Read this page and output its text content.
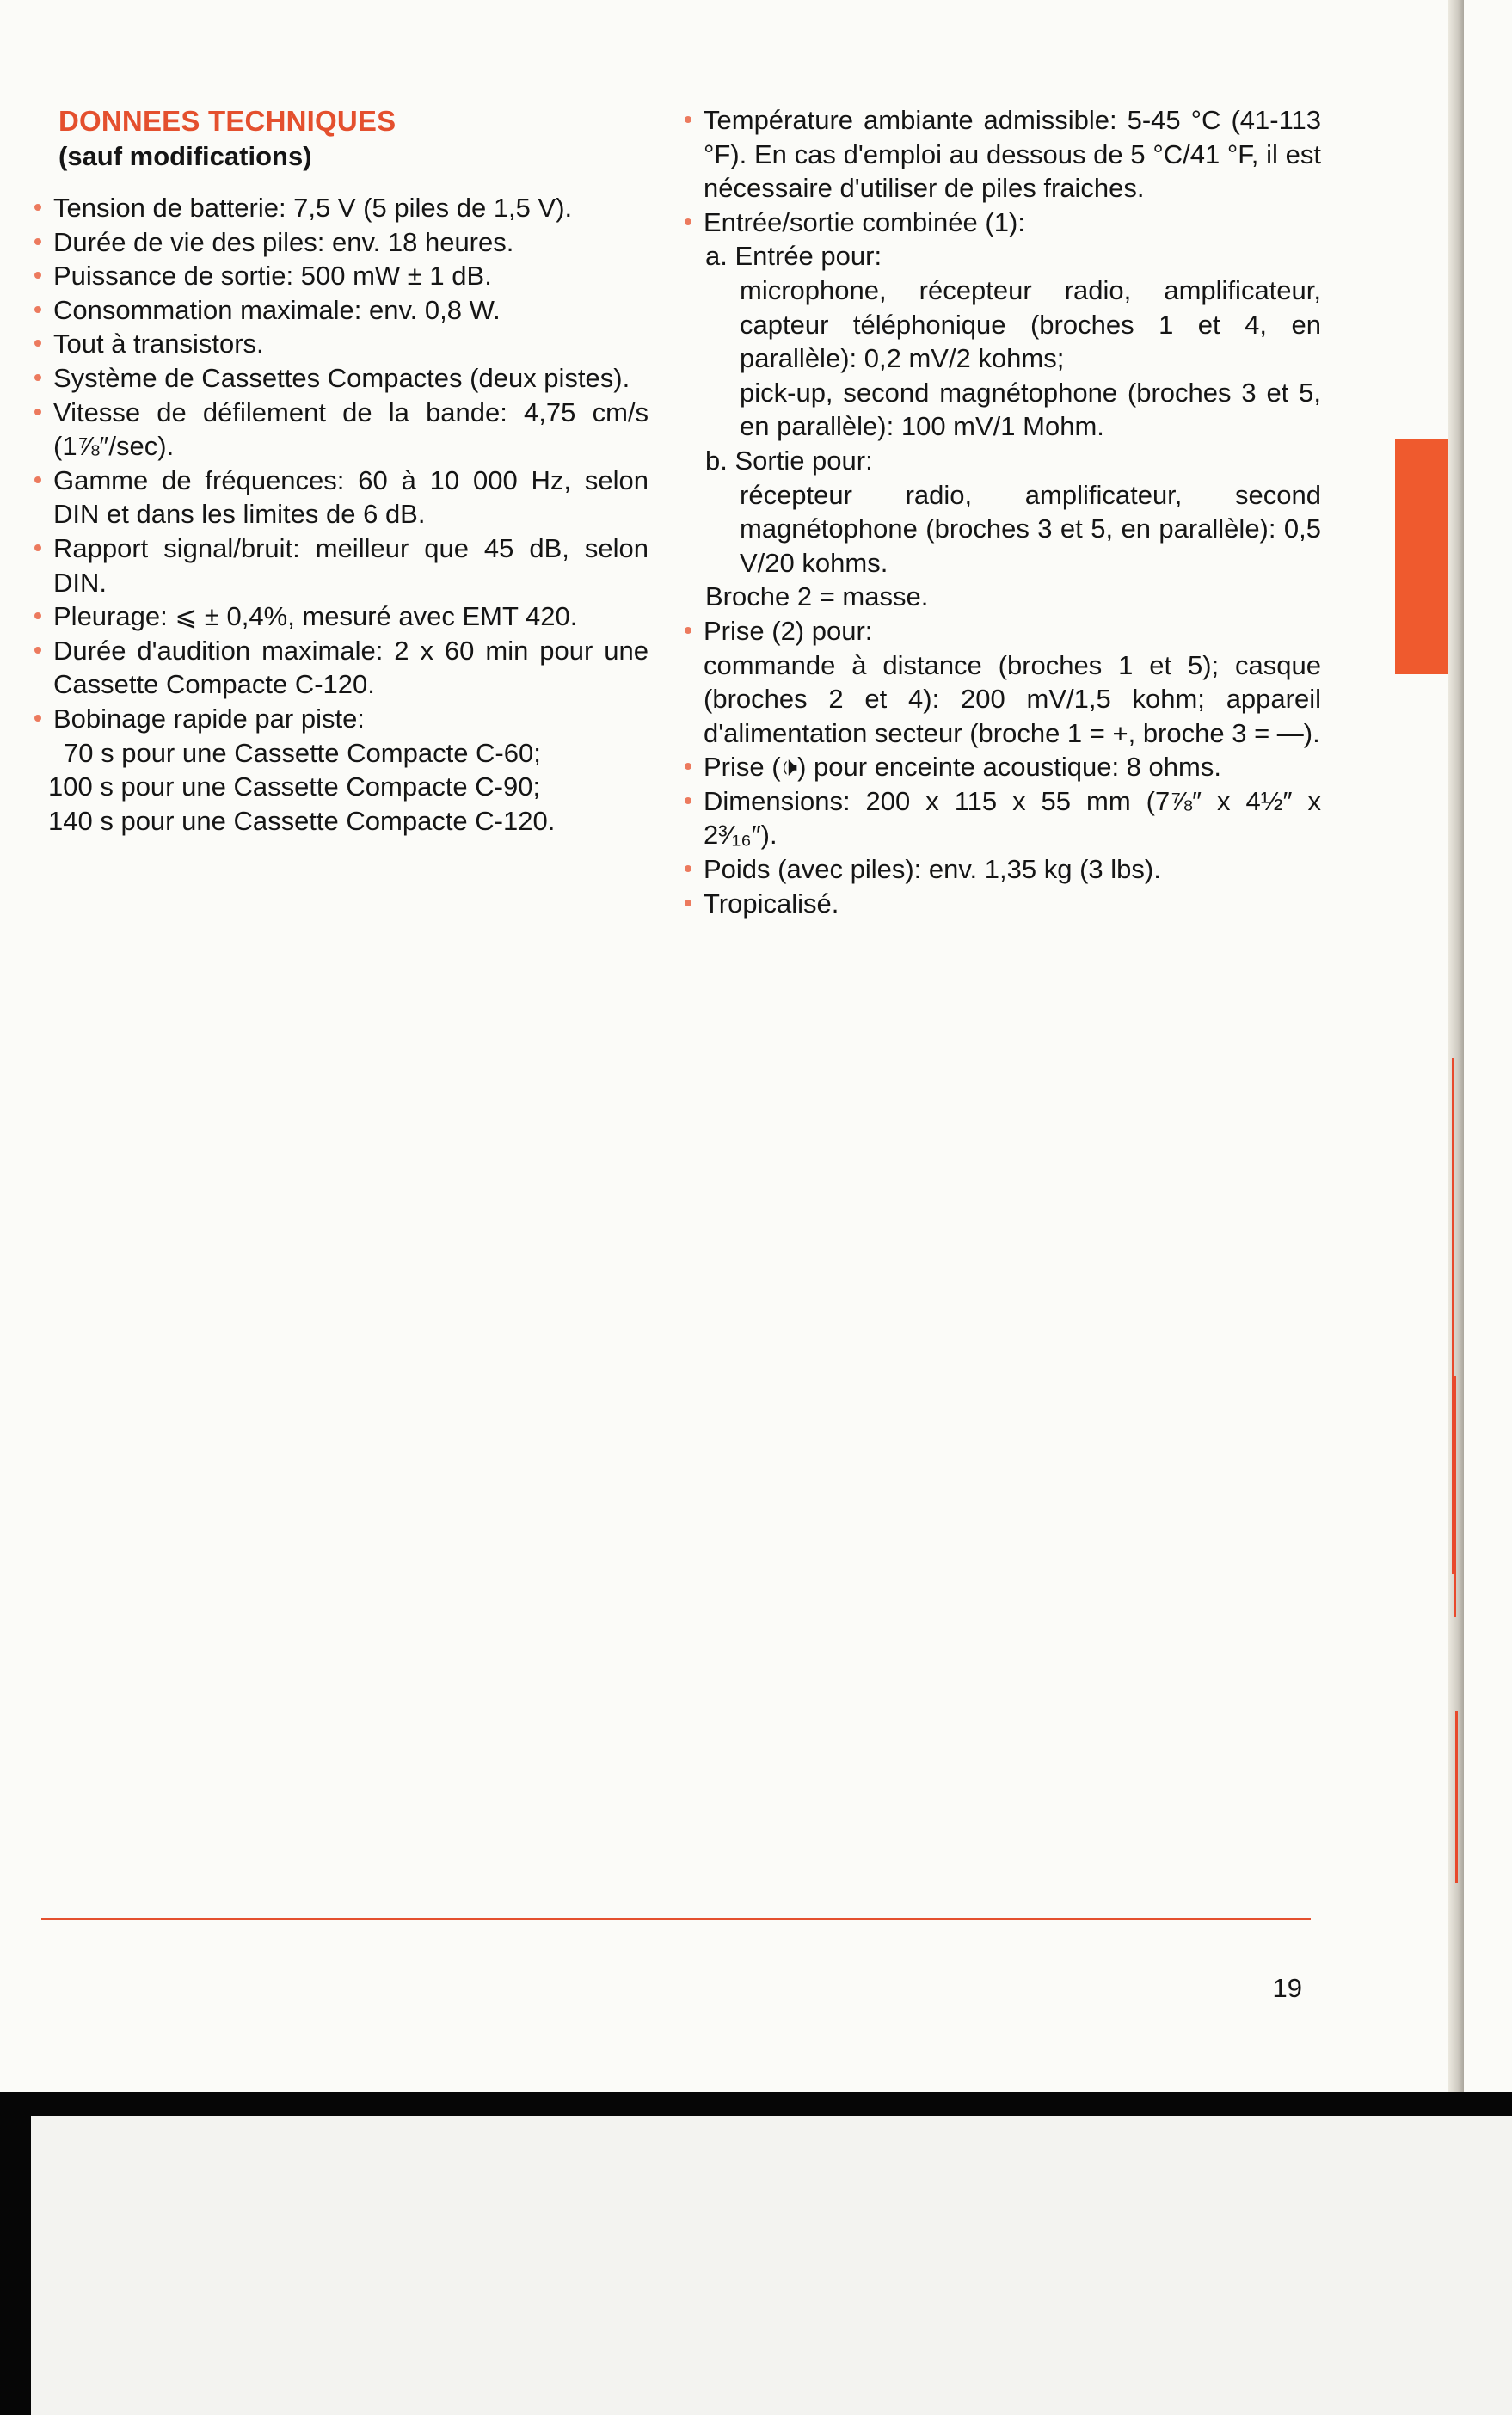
DONNEES TECHNIQUES
(sauf modifications)
Tension de batterie: 7,5 V (5 piles de 1,5 V).
Durée de vie des piles: env. 18 heures.
Puissance de sortie: 500 mW ± 1 dB.
Consommation maximale: env. 0,8 W.
Tout à transistors.
Système de Cassettes Compactes (deux pistes).
Vitesse de défilement de la bande: 4,75 cm/s (1⅞″/sec).
Gamme de fréquences: 60 à 10 000 Hz, selon DIN et dans les limites de 6 dB.
Rapport signal/bruit: meilleur que 45 dB, selon DIN.
Pleurage: ⩽ ± 0,4%, mesuré avec EMT 420.
Durée d'audition maximale: 2 x 60 min pour une Cassette Compacte C-120.
Bobinage rapide par piste:
70 s pour une Cassette Compacte C-60;
100 s pour une Cassette Compacte C-90;
140 s pour une Cassette Compacte C-120.
Température ambiante admissible: 5-45 °C (41-113 °F). En cas d'emploi au dessous de 5 °C/41 °F, il est nécessaire d'utiliser de piles fraiches.
Entrée/sortie combinée (1):
a. Entrée pour:
microphone, récepteur radio, amplificateur, capteur téléphonique (broches 1 et 4, en parallèle): 0,2 mV/2 kohms;
pick-up, second magnétophone (broches 3 et 5, en parallèle): 100 mV/1 Mohm.
b. Sortie pour:
récepteur radio, amplificateur, second magnétophone (broches 3 et 5, en parallèle): 0,5 V/20 kohms.
Broche 2 = masse.
Prise (2) pour:
commande à distance (broches 1 et 5); casque (broches 2 et 4): 200 mV/1,5 kohm; appareil d'alimentation secteur (broche 1 = +, broche 3 = —).
Prise (🕩) pour enceinte acoustique: 8 ohms.
Dimensions: 200 x 115 x 55 mm (7⅞″ x 4½″ x 2³⁄₁₆″).
Poids (avec piles): env. 1,35 kg (3 lbs).
Tropicalisé.
19
